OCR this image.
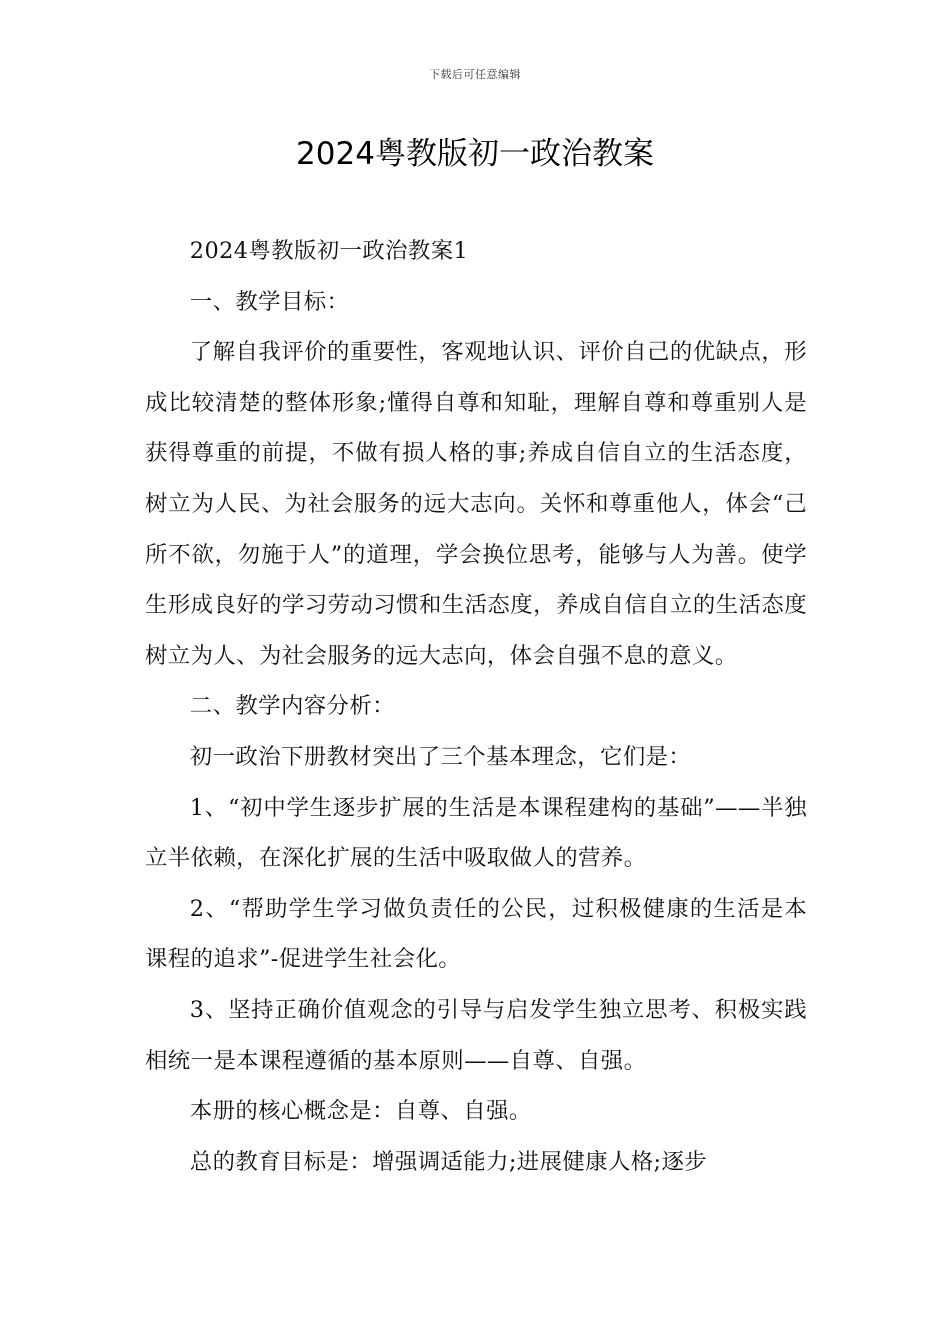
下载后可任意编辑
2024粤教版初一政治教案

2024粤教版初一政治教案1

一、教学目标：

了解自我评价的重要性，客观地认识、评价自己的优缺点，形成比较清楚的整体形象;懂得自尊和知耻，理解自尊和尊重别人是获得尊重的前提，不做有损人格的事;养成自信自立的生活态度，树立为人民、为社会服务的远大志向。关怀和尊重他人，体会“己所不欲，勿施于人”的道理，学会换位思考，能够与人为善。使学生形成良好的学习劳动习惯和生活态度，养成自信自立的生活态度树立为人、为社会服务的远大志向，体会自强不息的意义。

二、教学内容分析：

初一政治下册教材突出了三个基本理念，它们是：

1、“初中学生逐步扩展的生活是本课程建构的基础”——半独立半依赖，在深化扩展的生活中吸取做人的营养。

2、“帮助学生学习做负责任的公民，过积极健康的生活是本课程的追求”-促进学生社会化。

3、坚持正确价值观念的引导与启发学生独立思考、积极实践相统一是本课程遵循的基本原则——自尊、自强。

本册的核心概念是：自尊、自强。

总的教育目标是：增强调适能力;进展健康人格;逐步
